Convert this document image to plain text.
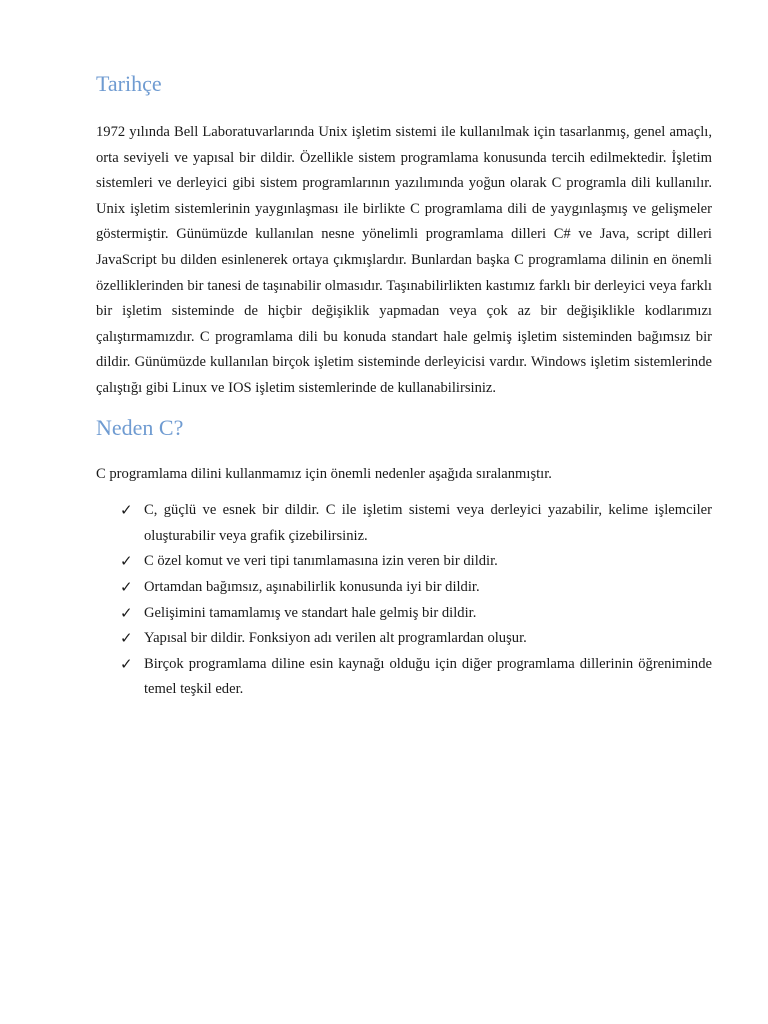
Tarihçe

1972 yılında Bell Laboratuvarlarında Unix işletim sistemi ile kullanılmak için tasarlanmış, genel amaçlı, orta seviyeli ve yapısal bir dildir. Özellikle sistem programlama konusunda tercih edilmektedir. İşletim sistemleri ve derleyici gibi sistem programlarının yazılımında yoğun olarak C programla dili kullanılır. Unix işletim sistemlerinin yaygınlaşması ile birlikte C programlama dili de yaygınlaşmış ve gelişmeler göstermiştir. Günümüzde kullanılan nesne yönelimli programlama dilleri C# ve Java, script dilleri JavaScript bu dilden esinlenerek ortaya çıkmışlardır. Bunlardan başka C programlama dilinin en önemli özelliklerinden bir tanesi de taşınabilir olmasıdır. Taşınabilirlikten kastımız farklı bir derleyici veya farklı bir işletim sisteminde de hiçbir değişiklik yapmadan veya çok az bir değişiklikle kodlarımızı çalıştırmamızdır. C programlama dili bu konuda standart hale gelmiş işletim sisteminden bağımsız bir dildir. Günümüzde kullanılan birçok işletim sisteminde derleyicisi vardır. Windows işletim sistemlerinde çalıştığı gibi Linux ve IOS işletim sistemlerinde de kullanabilirsiniz.

Neden C?

C programlama dilini kullanmamız için önemli nedenler aşağıda sıralanmıştır.

✓ C, güçlü ve esnek bir dildir. C ile işletim sistemi veya derleyici yazabilir, kelime işlemciler oluşturabilir veya grafik çizebilirsiniz.
✓ C özel komut ve veri tipi tanımlamasına izin veren bir dildir.
✓ Ortamdan bağımsız, aşınabilirlik konusunda iyi bir dildir.
✓ Gelişimini tamamlamış ve standart hale gelmiş bir dildir.
✓ Yapısal bir dildir. Fonksiyon adı verilen alt programlardan oluşur.
✓ Birçok programlama diline esin kaynağı olduğu için diğer programlama dillerinin öğreniminde temel teşkil eder.
